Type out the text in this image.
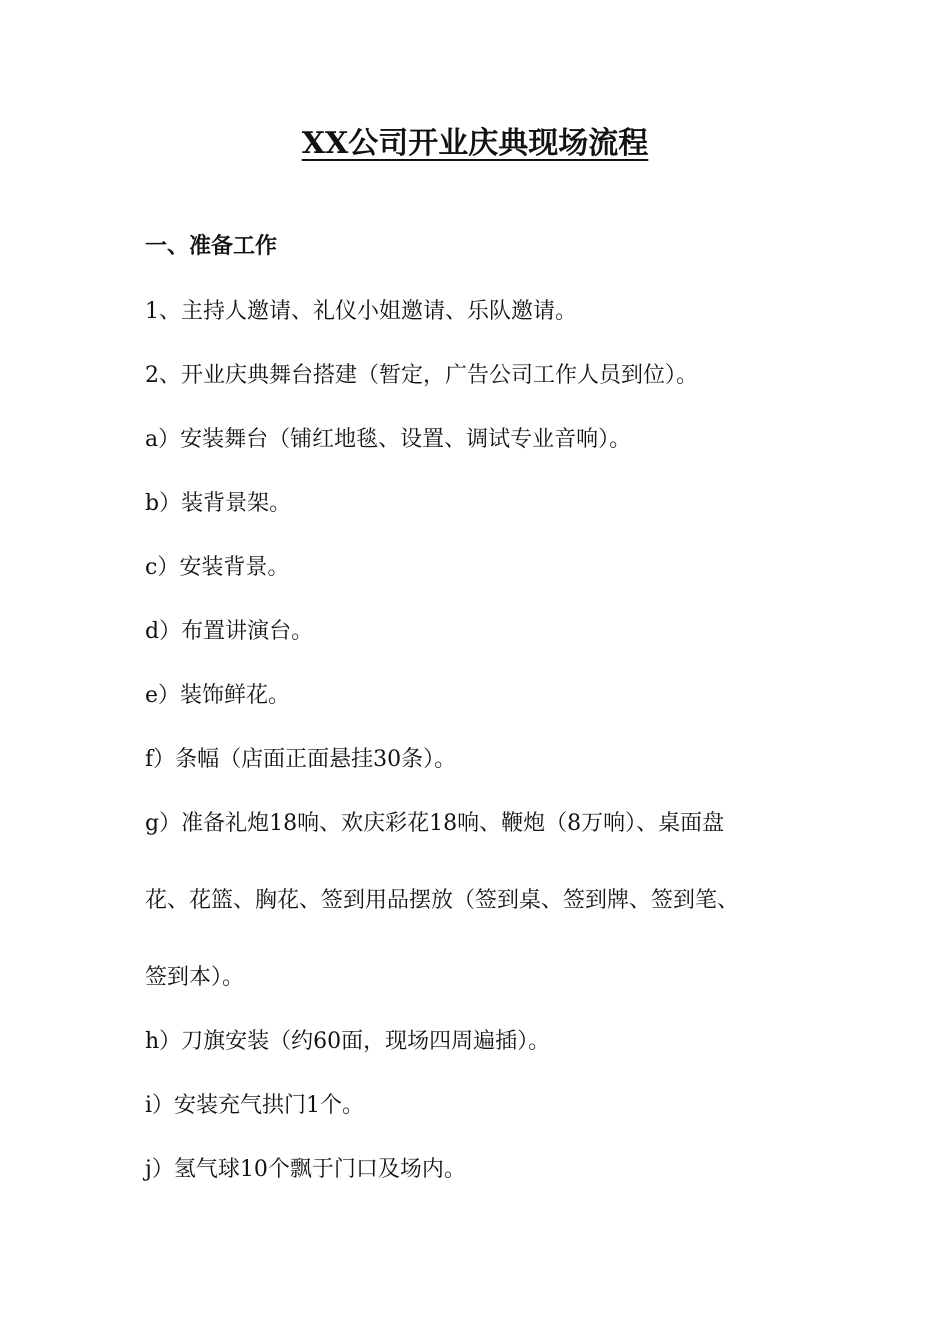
XX公司开业庆典现场流程
一、准备工作

1、主持人邀请、礼仪小姐邀请、乐队邀请。

2、开业庆典舞台搭建（暂定，广告公司工作人员到位）。

a）安装舞台（铺红地毯、设置、调试专业音响）。

b）装背景架。

c）安装背景。

d）布置讲演台。

e）装饰鲜花。

f）条幅（店面正面悬挂30条）。

g）准备礼炮18响、欢庆彩花18响、鞭炮（8万响）、桌面盘

花、花篮、胸花、签到用品摆放（签到桌、签到牌、签到笔、

签到本）。

h）刀旗安装（约60面，现场四周遍插）。

i）安装充气拱门1个。

j）氢气球10个飘于门口及场内。
